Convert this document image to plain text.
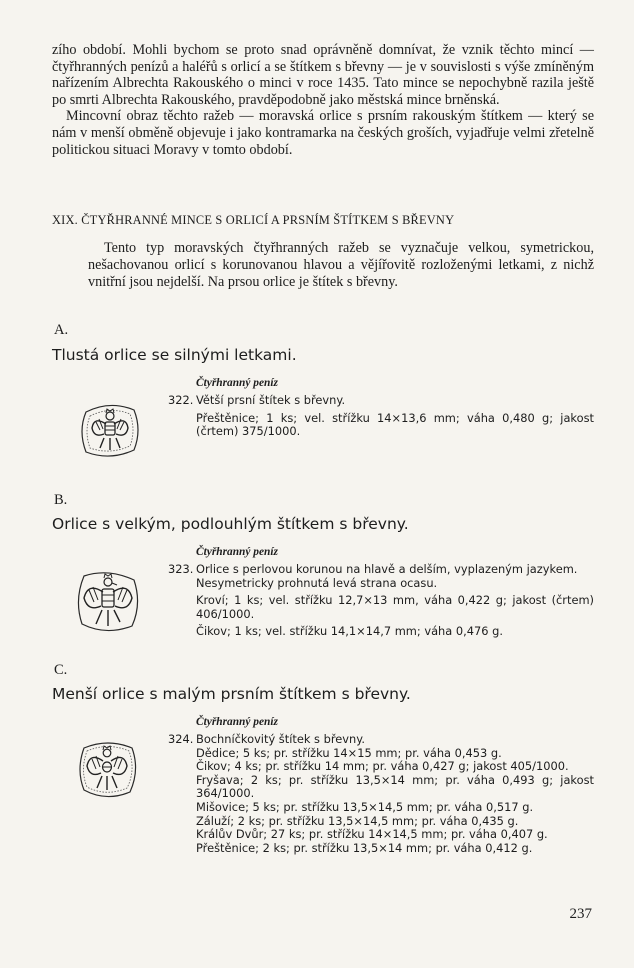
zího období. Mohli bychom se proto snad oprávněně domnívat, že vznik těchto mincí — čtyřhranných penízů a haléřů s orlicí a se štítkem s břevny — je v souvislosti s výše zmíněným nařízením Albrechta Rakouského o minci v roce 1435. Tato mince se nepochybně razila ještě po smrti Albrechta Rakouského, pravděpodobně jako městská mince brněnská.

Mincovní obraz těchto ražeb — moravská orlice s prsním rakouským štítkem — který se nám v menší obměně objevuje i jako kontramarka na českých groších, vyjadřuje velmi zřetelně politickou situaci Moravy v tomto období.

XIX. ČTYŘHRANNÉ MINCE S ORLICÍ A PRSNÍM ŠTÍTKEM S BŘEVNY
Tento typ moravských čtyřhranných ražeb se vyznačuje velkou, symetrickou, nešachovanou orlicí s korunovanou hlavou a vějířovitě rozloženými letkami, z nichž vnitřní jsou nejdelší. Na prsou orlice je štítek s břevny.
A.
Tlustá orlice se silnými letkami.
Čtyřhranný peníz
322. Větší prsní štítek s břevny.
Přeštěnice; 1 ks; vel. střížku 14×13,6 mm; váha 0,480 g; jakost (črtem) 375/1000.
B.
Orlice s velkým, podlouhlým štítkem s břevny.
Čtyřhranný peníz
323. Orlice s perlovou korunou na hlavě a delším, vyplazeným jazykem. Nesymetricky prohnutá levá strana ocasu.
Kroví; 1 ks; vel. střížku 12,7×13 mm, váha 0,422 g; jakost (črtem) 406/1000.
Čikov; 1 ks; vel. střížku 14,1×14,7 mm; váha 0,476 g.
C.
Menší orlice s malým prsním štítkem s břevny.
Čtyřhranný peníz
324. Bochníčkovitý štítek s břevny.
Dědice; 5 ks; pr. střížku 14×15 mm; pr. váha 0,453 g.
Čikov; 4 ks; pr. střížku 14 mm; pr. váha 0,427 g; jakost 405/1000.
Fryšava; 2 ks; pr. střížku 13,5×14 mm; pr. váha 0,493 g; jakost 364/1000.
Mišovice; 5 ks; pr. střížku 13,5×14,5 mm; pr. váha 0,517 g.
Záluží; 2 ks; pr. střížku 13,5×14,5 mm; pr. váha 0,435 g.
Králův Dvůr; 27 ks; pr. střížku 14×14,5 mm; pr. váha 0,407 g.
Přeštěnice; 2 ks; pr. střížku 13,5×14 mm; pr. váha 0,412 g.
237
